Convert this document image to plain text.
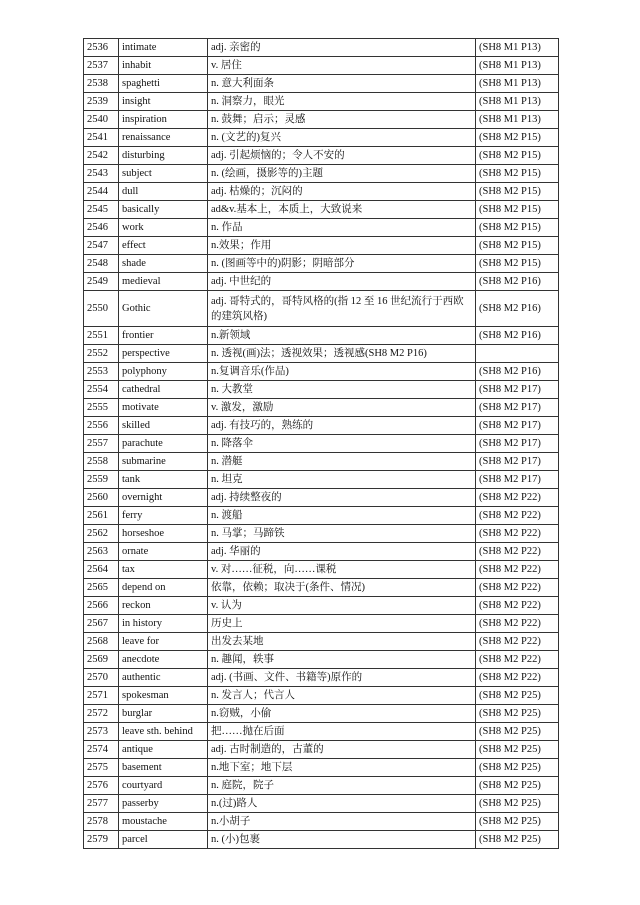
2536	intimate	adj. 亲密的	(SH8 M1 P13)
2537	inhabit	v. 居住	(SH8 M1 P13)
2538	spaghetti	n. 意大利面条	(SH8 M1 P13)
2539	insight	n. 洞察力，眼光	(SH8 M1 P13)
2540	inspiration	n. 鼓舞；启示；灵感	(SH8 M1 P13)
2541	renaissance	n. (文艺的)复兴	(SH8 M2 P15)
2542	disturbing	adj. 引起烦恼的；令人不安的	(SH8 M2 P15)
2543	subject	n. (绘画，摄影等的)主题	(SH8 M2 P15)
2544	dull	adj. 枯燥的；沉闷的	(SH8 M2 P15)
2545	basically	ad&v.基本上，本质上，大致说来	(SH8 M2 P15)
2546	work	n. 作品	(SH8 M2 P15)
2547	effect	n.效果；作用	(SH8 M2 P15)
2548	shade	n. (图画等中的)阴影；阴暗部分	(SH8 M2 P15)
2549	medieval	adj. 中世纪的	(SH8 M2 P16)
2550	Gothic	adj. 哥特式的，哥特风格的(指 12 至 16 世纪流行于西欧的建筑风格)	(SH8 M2 P16)
2551	frontier	n.新领域	(SH8 M2 P16)
2552	perspective	n. 透视(画)法；透视效果；透视感(SH8 M2 P16)	
2553	polyphony	n.复调音乐(作品)	(SH8 M2 P16)
2554	cathedral	n. 大教堂	(SH8 M2 P17)
2555	motivate	v. 激发，激励	(SH8 M2 P17)
2556	skilled	adj. 有技巧的，熟练的	(SH8 M2 P17)
2557	parachute	n. 降落伞	(SH8 M2 P17)
2558	submarine	n. 潜艇	(SH8 M2 P17)
2559	tank	n. 坦克	(SH8 M2 P17)
2560	overnight	adj. 持续整夜的	(SH8 M2 P22)
2561	ferry	n. 渡船	(SH8 M2 P22)
2562	horseshoe	n. 马掌；马蹄铁	(SH8 M2 P22)
2563	ornate	adj. 华丽的	(SH8 M2 P22)
2564	tax	v. 对……征税，向……课税	(SH8 M2 P22)
2565	depend on	依靠，依赖；取决于(条件、情况)	(SH8 M2 P22)
2566	reckon	v. 认为	(SH8 M2 P22)
2567	in history	历史上	(SH8 M2 P22)
2568	leave for	出发去某地	(SH8 M2 P22)
2569	anecdote	n. 趣闻，轶事	(SH8 M2 P22)
2570	authentic	adj. (书画、文件、书籍等)原作的	(SH8 M2 P22)
2571	spokesman	n. 发言人；代言人	(SH8 M2 P25)
2572	burglar	n.窃贼，小偷	(SH8 M2 P25)
2573	leave sth. behind	把……抛在后面	(SH8 M2 P25)
2574	antique	adj. 古时制造的，古董的	(SH8 M2 P25)
2575	basement	n.地下室；地下层	(SH8 M2 P25)
2576	courtyard	n. 庭院，院子	(SH8 M2 P25)
2577	passerby	n.(过)路人	(SH8 M2 P25)
2578	moustache	n.小胡子	(SH8 M2 P25)
2579	parcel	n. (小)包裹	(SH8 M2 P25)
